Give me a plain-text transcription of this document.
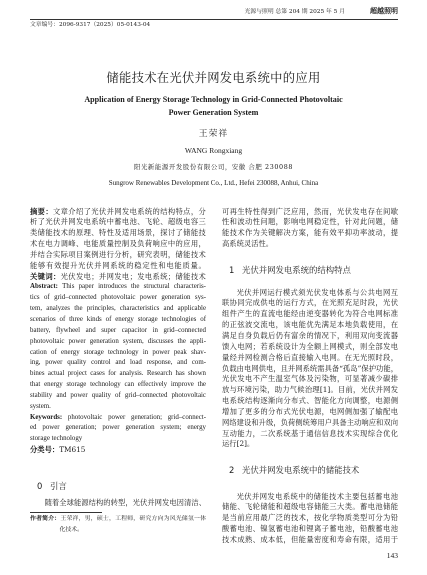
光源与照明 总第 204 期 2025 年 5 月	超越照明
文章编号：2096-9317（2025）05-0143-04
储能技术在光伏并网发电系统中的应用
Application of Energy Storage Technology in Grid-Connected Photovoltaic
Power Generation System
王荣祥
WANG Rongxiang
阳光新能源开发股份有限公司，安徽 合肥 230088
Sungrow Renewables Development Co., Ltd., Hefei 230088, Anhui, China
摘要：文章介绍了光伏并网发电系统的结构特点，分
析了光伏并网发电系统中蓄电池、飞轮、超级电容三
类储能技术的原理、特性及适用场景，探讨了储能技
术在电力调峰、电能质量控制及负荷响应中的应用，
并结合实际项目案例进行分析，研究表明，储能技术
能够有效提升光伏并网系统的稳定性和电能质量。
关键词：光伏发电；并网发电；发电系统；储能技术
Abstract: This paper introduces the structural characteris-
tics of grid–connected photovoltaic power generation sys-
tem, analyzes the principles, characteristics and applicable
scenarios of three kinds of energy storage technologies of
battery, flywheel and super capacitor in grid–connected
photovoltaic power generation system, discusses the appli-
cation of energy storage technology in power peak shav-
ing, power quality control and load response, and com-
bines actual project cases for analysis. Research has shown
that energy storage technology can effectively improve the
stability and power quality of grid–connected photovoltaic
system.
Keywords: photovoltaic power generation; grid–connect-
ed power generation; power generation system; energy
storage technology
分类号：TM615
0 引言
随着全球能源结构的转型，光伏并网发电因清洁、
作者简介：王荣祥，男，硕士，工程师，研究方向为风光储氢一体
化技术。
可再生特性得到广泛应用，然而，光伏发电存在间歇
性和波动性问题，影响电网稳定性，针对此问题，储
能技术作为关键解决方案，能有效平抑功率波动，提
高系统灵活性。
1 光伏并网发电系统的结构特点
光伏并网运行模式须光伏发电体系与公共电网互
联协同完成供电的运行方式，在光照充足时段，光伏
组件产生的直流电能经由逆变器转化为符合电网标准
的正弦波交流电，该电能优先满足本地负载使用，在
满足自身负载后仍有富余的情况下，利用双向变流器
馈入电网；若系统设计为全额上网模式，则全部发电
量经并网检测合格后直接输入电网。在无光照时段，
负载由电网供电，且并网系统需具备“孤岛”保护功能，
光伏发电不产生温室气体及污染物，可显著减少碳排
放与环境污染，助力气候治理[1]。目前，光伏并网发
电系统结构逐渐向分布式、智能化方向调整，电源侧
增加了更多的分布式光伏电源，电网侧加强了输配电
网络建设和升级，负荷侧统筹用户具备主动响应和双向
互动能力，二次系统基于通信信息技术实现综合优化
运行[2]。
2 光伏并网发电系统中的储能技术
光伏并网发电系统中的储能技术主要包括蓄电池
储能、飞轮储能和超级电容储能三大类。蓄电池储能
是当前应用最广泛的技术，按化学物质类型可分为铅
酸蓄电池、镍氢蓄电池和锂离子蓄电池，铅酸蓄电池
技术成熟、成本低，但能量密度和寿命有限，适用于
143
